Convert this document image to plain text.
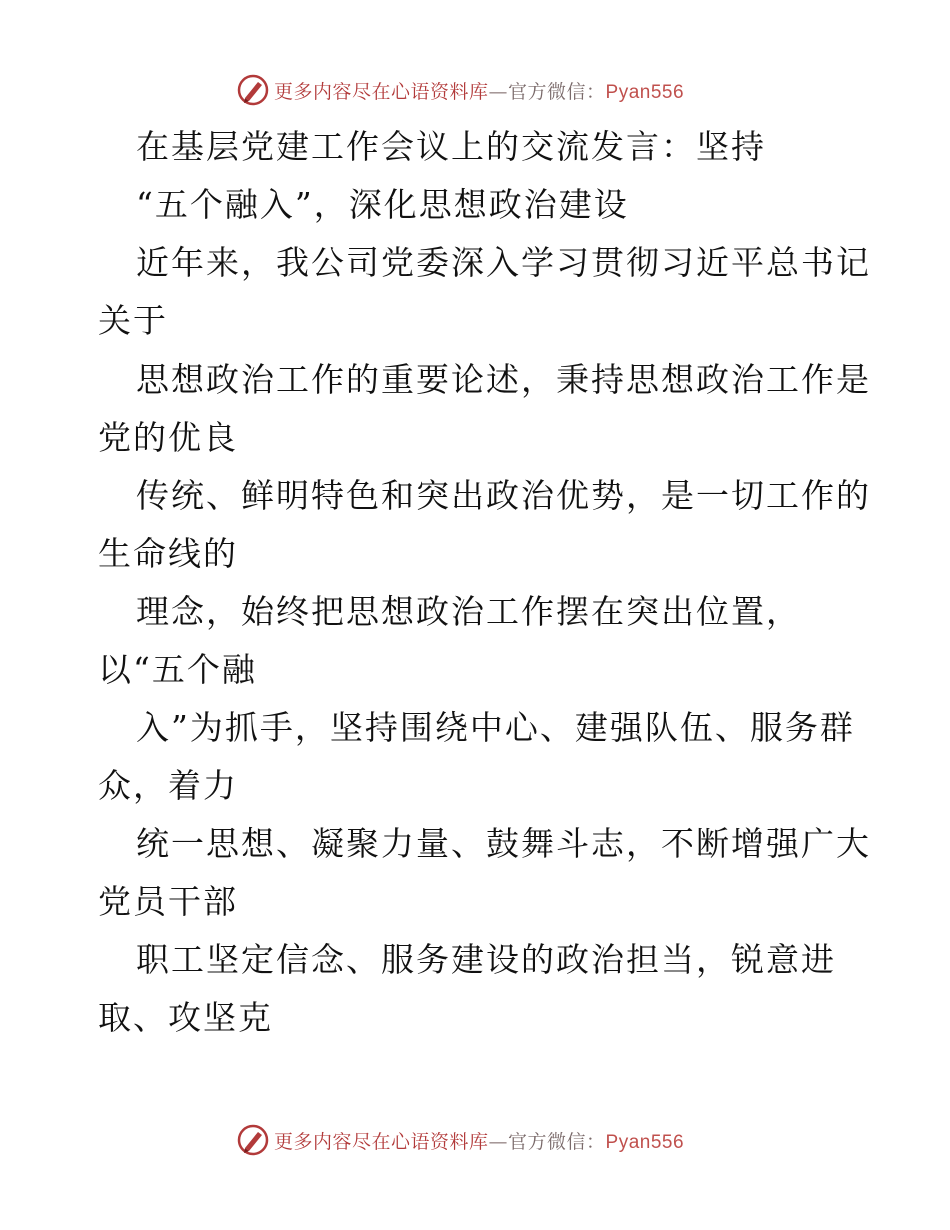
更多内容尽在心语资料库—官方微信：Pyan556
在基层党建工作会议上的交流发言：坚持
“五个融入”，深化思想政治建设
近年来，我公司党委深入学习贯彻习近平总书记
关于
思想政治工作的重要论述，秉持思想政治工作是
党的优良
传统、鲜明特色和突出政治优势，是一切工作的
生命线的
理念，始终把思想政治工作摆在突出位置，
以“五个融
入”为抓手，坚持围绕中心、建强队伍、服务群
众，着力
统一思想、凝聚力量、鼓舞斗志，不断增强广大
党员干部
职工坚定信念、服务建设的政治担当，锐意进
取、攻坚克
更多内容尽在心语资料库—官方微信：Pyan556
